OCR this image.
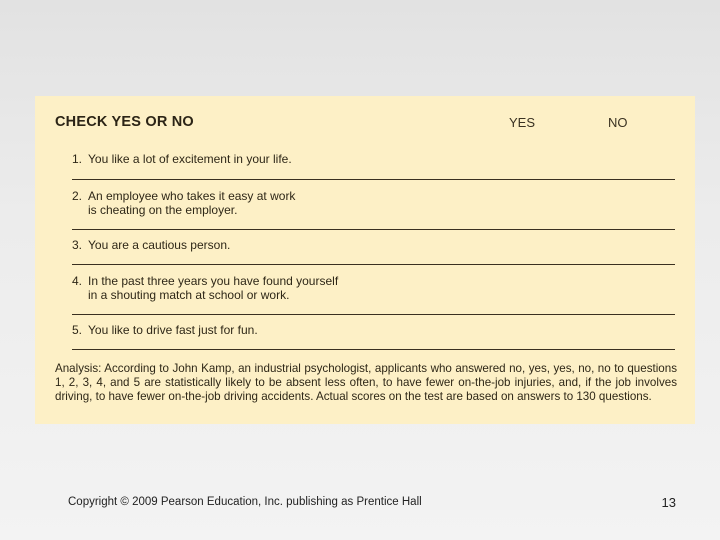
CHECK YES OR NO	YES	NO
1. You like a lot of excitement in your life.
2. An employee who takes it easy at work
is cheating on the employer.
3. You are a cautious person.
4. In the past three years you have found yourself
in a shouting match at school or work.
5. You like to drive fast just for fun.
Analysis: According to John Kamp, an industrial psychologist, applicants who answered no, yes, yes, no, no to questions 1, 2, 3, 4, and 5 are statistically likely to be absent less often, to have fewer on-the-job injuries, and, if the job involves driving, to have fewer on-the-job driving accidents. Actual scores on the test are based on answers to 130 questions.
Copyright © 2009 Pearson Education, Inc. publishing as Prentice Hall	13
